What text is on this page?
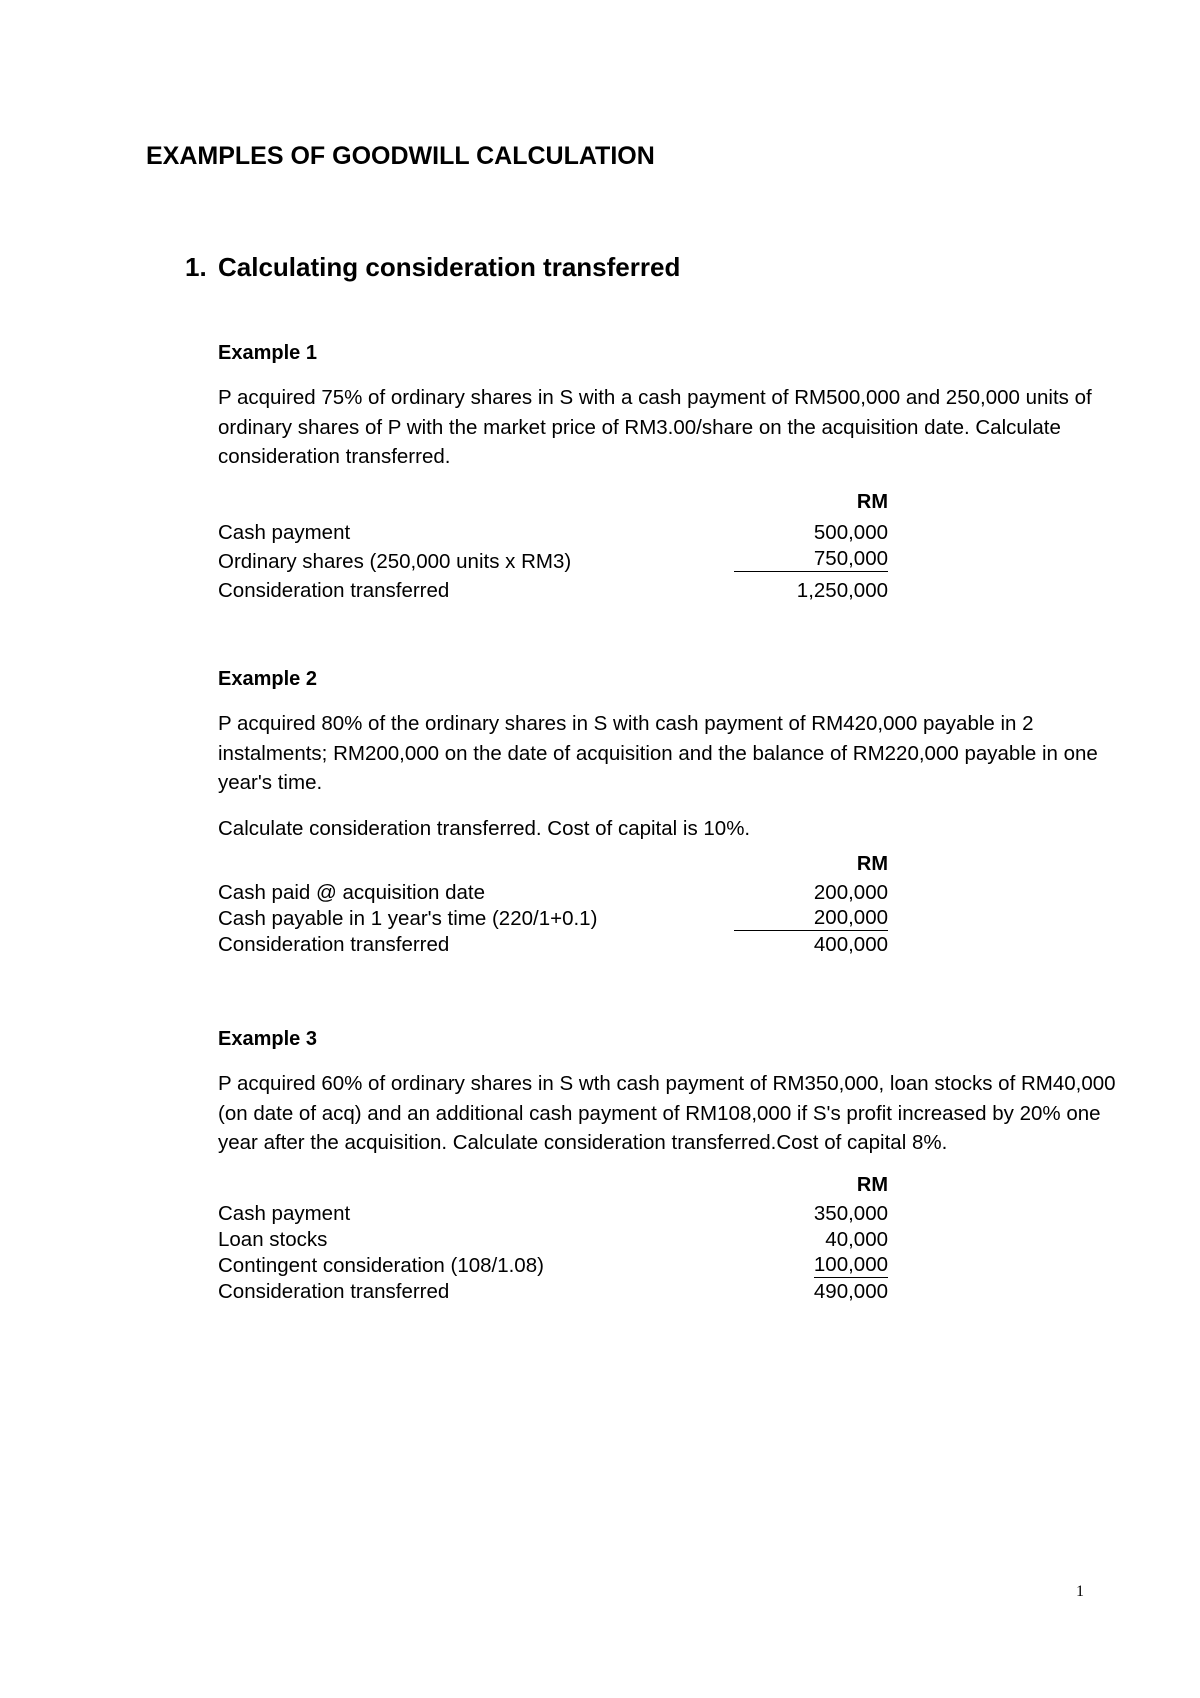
EXAMPLES OF GOODWILL CALCULATION
1. Calculating consideration transferred
Example 1

P acquired 75% of ordinary shares in S with a cash payment of RM500,000 and 250,000 units of ordinary shares of P with the market price of RM3.00/share on the acquisition date. Calculate consideration transferred.

RM
Cash payment	500,000
Ordinary shares (250,000 units x RM3)	750,000
Consideration transferred	1,250,000
Example 2

P acquired 80% of the ordinary shares in S with cash payment of RM420,000 payable in 2 instalments; RM200,000 on the date of acquisition and the balance of RM220,000 payable in one year's time.

Calculate consideration transferred. Cost of capital is 10%.

RM
Cash paid @ acquisition date	200,000
Cash payable in 1 year's time (220/1+0.1)	200,000
Consideration transferred	400,000
Example 3

P acquired 60% of ordinary shares in S wth cash payment of RM350,000, loan stocks of RM40,000 (on date of acq) and an additional cash payment of RM108,000 if S's profit increased by 20% one year after the acquisition. Calculate consideration transferred.Cost of capital 8%.

RM
Cash payment	350,000
Loan stocks	40,000
Contingent consideration (108/1.08)	100,000
Consideration transferred	490,000
1
